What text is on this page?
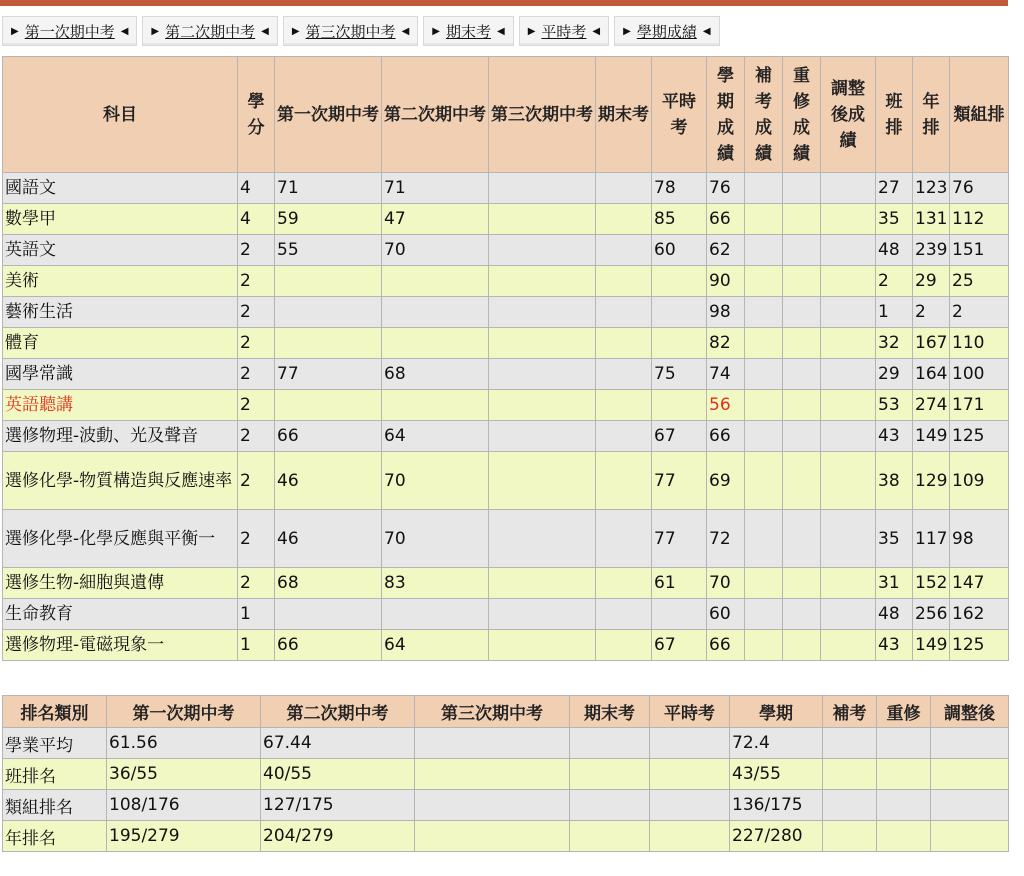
▶ 第一次期中考 ◀ ▶ 第二次期中考 ◀ ▶ 第三次期中考 ◀ ▶ 期末考 ◀ ▶ 平時考 ◀ ▶ 學期成績 ◀
科目	學分	第一次期中考	第二次期中考	第三次期中考	期末考	平時考	學期成績	補考成績	重修成績	調整後成績	班排	年排	類組排
國語文	4	71	71			78	76				27	123	76
數學甲	4	59	47			85	66				35	131	112
英語文	2	55	70			60	62				48	239	151
美術	2						90				2	29	25
藝術生活	2						98				1	2	2
體育	2						82				32	167	110
國學常識	2	77	68			75	74				29	164	100
英語聽講	2						56				53	274	171
選修物理-波動、光及聲音	2	66	64			67	66				43	149	125
選修化學-物質構造與反應速率	2	46	70			77	69				38	129	109
選修化學-化學反應與平衡一	2	46	70			77	72				35	117	98
選修生物-細胞與遺傳	2	68	83			61	70				31	152	147
生命教育	1						60				48	256	162
選修物理-電磁現象一	1	66	64			67	66				43	149	125
排名類別	第一次期中考	第二次期中考	第三次期中考	期末考	平時考	學期	補考	重修	調整後
學業平均	61.56	67.44				72.4			
班排名	36/55	40/55				43/55			
類組排名	108/176	127/175				136/175			
年排名	195/279	204/279				227/280			
